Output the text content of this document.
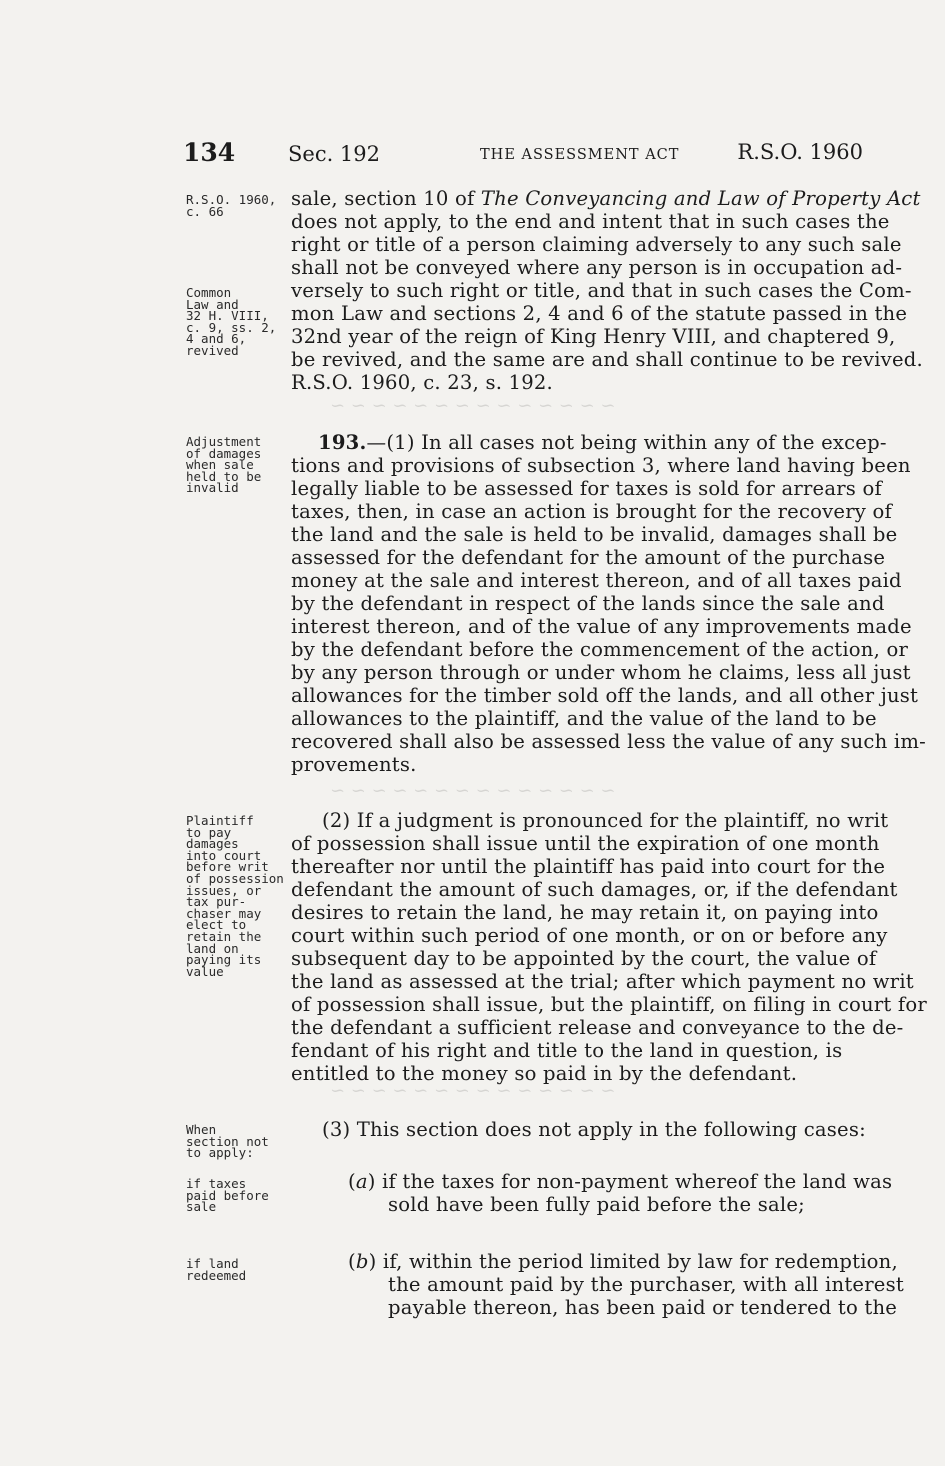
~ ~ ~ ~ ~ ~ ~ ~ ~ ~ ~ ~ ~ ~
~ ~ ~ ~ ~ ~ ~ ~ ~ ~ ~ ~ ~ ~
~ ~ ~ ~ ~ ~ ~ ~ ~ ~ ~ ~ ~ ~
134	Sec. 192	THE ASSESSMENT ACT	R.S.O. 1960
R.S.O. 1960,
c. 66
Common
Law and
32 H. VIII,
c. 9, ss. 2,
4 and 6,
revived
Adjustment
of damages
when sale
held to be
invalid
Plaintiff
to pay
damages
into court
before writ
of possession
issues, or
tax pur-
chaser may
elect to
retain the
land on
paying its
value
When
section not
to apply:
if taxes
paid before
sale
if land
redeemed
sale, section 10 of The Conveyancing and Law of Property Act
does not apply, to the end and intent that in such cases the
right or title of a person claiming adversely to any such sale
shall not be conveyed where any person is in occupation ad-
versely to such right or title, and that in such cases the Com-
mon Law and sections 2, 4 and 6 of the statute passed in the
32nd year of the reign of King Henry VIII, and chaptered 9,
be revived, and the same are and shall continue to be revived.
R.S.O. 1960, c. 23, s. 192.
193.—(1) In all cases not being within any of the excep-
tions and provisions of subsection 3, where land having been
legally liable to be assessed for taxes is sold for arrears of
taxes, then, in case an action is brought for the recovery of
the land and the sale is held to be invalid, damages shall be
assessed for the defendant for the amount of the purchase
money at the sale and interest thereon, and of all taxes paid
by the defendant in respect of the lands since the sale and
interest thereon, and of the value of any improvements made
by the defendant before the commencement of the action, or
by any person through or under whom he claims, less all just
allowances for the timber sold off the lands, and all other just
allowances to the plaintiff, and the value of the land to be
recovered shall also be assessed less the value of any such im-
provements.
(2) If a judgment is pronounced for the plaintiff, no writ
of possession shall issue until the expiration of one month
thereafter nor until the plaintiff has paid into court for the
defendant the amount of such damages, or, if the defendant
desires to retain the land, he may retain it, on paying into
court within such period of one month, or on or before any
subsequent day to be appointed by the court, the value of
the land as assessed at the trial; after which payment no writ
of possession shall issue, but the plaintiff, on filing in court for
the defendant a sufficient release and conveyance to the de-
fendant of his right and title to the land in question, is
entitled to the money so paid in by the defendant.
(3) This section does not apply in the following cases:
(a) if the taxes for non-payment whereof the land was
sold have been fully paid before the sale;
(b) if, within the period limited by law for redemption,
the amount paid by the purchaser, with all interest
payable thereon, has been paid or tendered to the
